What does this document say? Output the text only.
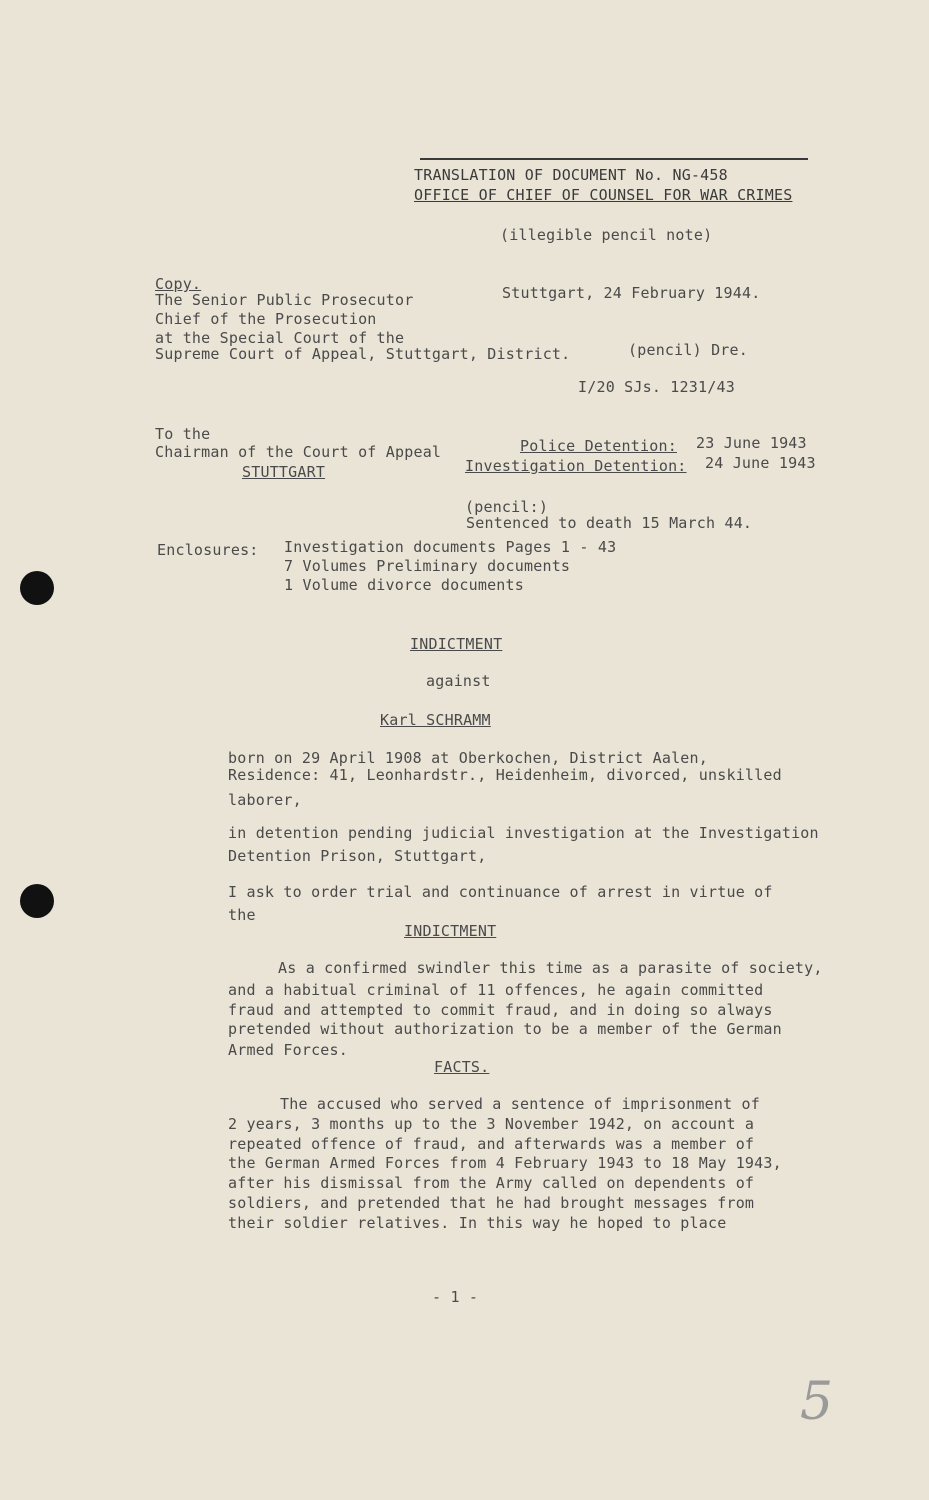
TRANSLATION OF DOCUMENT No. NG-458
OFFICE OF CHIEF OF COUNSEL FOR WAR CRIMES
(illegible pencil note)
Copy.
The Senior Public Prosecutor
Chief of the Prosecution
at the Special Court of the
Supreme Court of Appeal, Stuttgart, District.
Stuttgart, 24 February 1944.
(pencil) Dre.
I/20 SJs. 1231/43
To the
Chairman of the Court of Appeal
STUTTGART
Police Detention: 23 June 1943
Investigation Detention: 24 June 1943
(pencil:)
Sentenced to death 15 March 44.
Enclosures: Investigation documents Pages 1 - 43
7 Volumes Preliminary documents
1 Volume divorce documents
INDICTMENT
against
Karl SCHRAMM
born on 29 April 1908 at Oberkochen, District Aalen,
Residence: 41, Leonhardstr., Heidenheim, divorced, unskilled
laborer,
in detention pending judicial investigation at the Investigation
Detention Prison, Stuttgart,
I ask to order trial and continuance of arrest in virtue of
the
INDICTMENT
As a confirmed swindler this time as a parasite of society,
and a habitual criminal of 11 offences, he again committed
fraud and attempted to commit fraud, and in doing so always
pretended without authorization to be a member of the German
Armed Forces.
FACTS.
The accused who served a sentence of imprisonment of
2 years, 3 months up to the 3 November 1942, on account a
repeated offence of fraud, and afterwards was a member of
the German Armed Forces from 4 February 1943 to 18 May 1943,
after his dismissal from the Army called on dependents of
soldiers, and pretended that he had brought messages from
their soldier relatives. In this way he hoped to place
- 1 -
5
